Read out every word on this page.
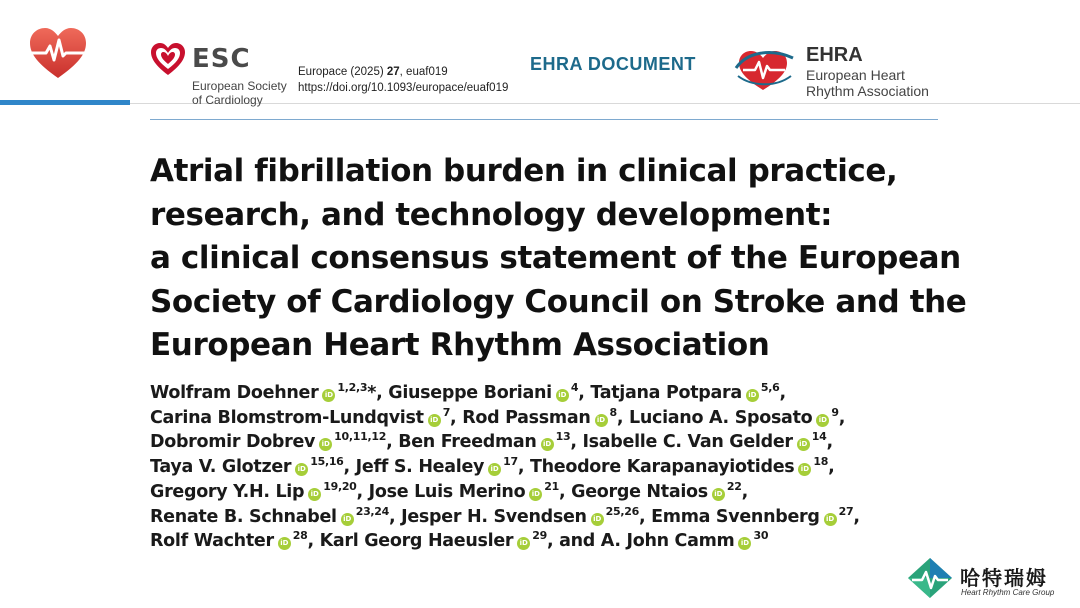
ESC
European Society
of Cardiology
Europace (2025) 27, euaf019
https://doi.org/10.1093/europace/euaf019
EHRA DOCUMENT	EHRA
European Heart
Rhythm Association
Atrial fibrillation burden in clinical practice,
research, and technology development:
a clinical consensus statement of the European
Society of Cardiology Council on Stroke and the
European Heart Rhythm Association
Wolfram Doehner iD$^{1,2,3}$*, Giuseppe Boriani $iD^4$, Tatjana Potpara iD$^{5,6}$,
Carina Blomstrom-Lundqvist $iD^7$, Rod Passman $iD^8$, Luciano A. Sposato $iD^9$,
Dobromir Dobrev iD$^{10,11,12}$, Ben Freedman $iD^{13}$, Isabelle C. Van Gelder $iD^{14}$,
Taya V. Glotzer iD$^{15,16}$, Jeff S. Healey $iD^{17}$, Theodore Karapanayiotides $iD^{18}$,
Gregory Y.H. Lip iD$^{19,20}$, Jose Luis Merino $iD^{21}$, George Ntaios $iD^{22}$,
Renate B. Schnabel iD$^{23,24}$, Jesper H. Svendsen iD$^{25,26}$, Emma Svennberg $iD^{27}$,
Rolf Wachter $iD^{28}$, Karl Georg Haeusler $iD^{29}$, and A. John Camm $iD^{30}$
哈特瑞姆
Heart Rhythm Care Group
